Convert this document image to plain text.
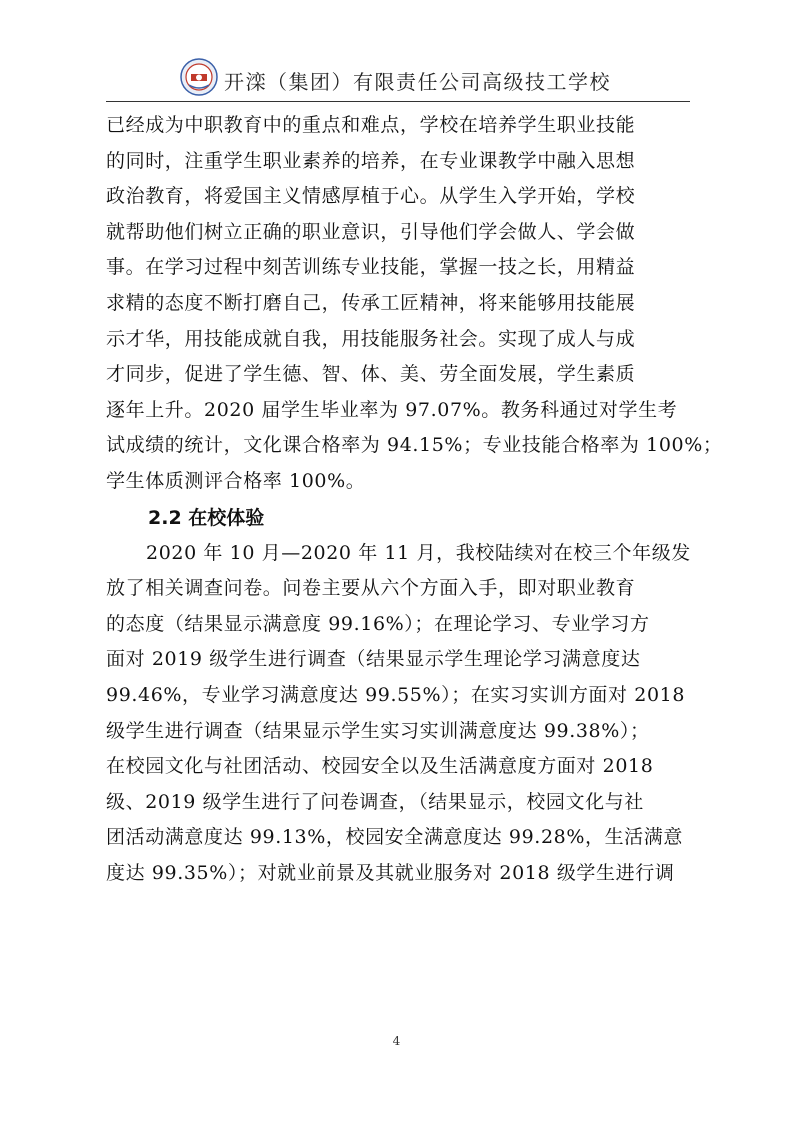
开滦（集团）有限责任公司高级技工学校

已经成为中职教育中的重点和难点，学校在培养学生职业技能

的同时，注重学生职业素养的培养，在专业课教学中融入思想

政治教育，将爱国主义情感厚植于心。从学生入学开始，学校

就帮助他们树立正确的职业意识，引导他们学会做人、学会做

事。在学习过程中刻苦训练专业技能，掌握一技之长，用精益

求精的态度不断打磨自己，传承工匠精神，将来能够用技能展

示才华，用技能成就自我，用技能服务社会。实现了成人与成

才同步，促进了学生德、智、体、美、劳全面发展，学生素质

逐年上升。2020 届学生毕业率为 97.07%。教务科通过对学生考

试成绩的统计，文化课合格率为 94.15%；专业技能合格率为 100%；

学生体质测评合格率 100%。

2.2 在校体验

2020 年 10 月—2020 年 11 月，我校陆续对在校三个年级发

放了相关调查问卷。问卷主要从六个方面入手，即对职业教育

的态度（结果显示满意度 99.16%）；在理论学习、专业学习方

面对 2019 级学生进行调查（结果显示学生理论学习满意度达

99.46%，专业学习满意度达 99.55%）；在实习实训方面对 2018

级学生进行调查（结果显示学生实习实训满意度达 99.38%）；

在校园文化与社团活动、校园安全以及生活满意度方面对 2018

级、2019 级学生进行了问卷调查，（结果显示，校园文化与社

团活动满意度达 99.13%，校园安全满意度达 99.28%，生活满意

度达 99.35%）；对就业前景及其就业服务对 2018 级学生进行调

4
